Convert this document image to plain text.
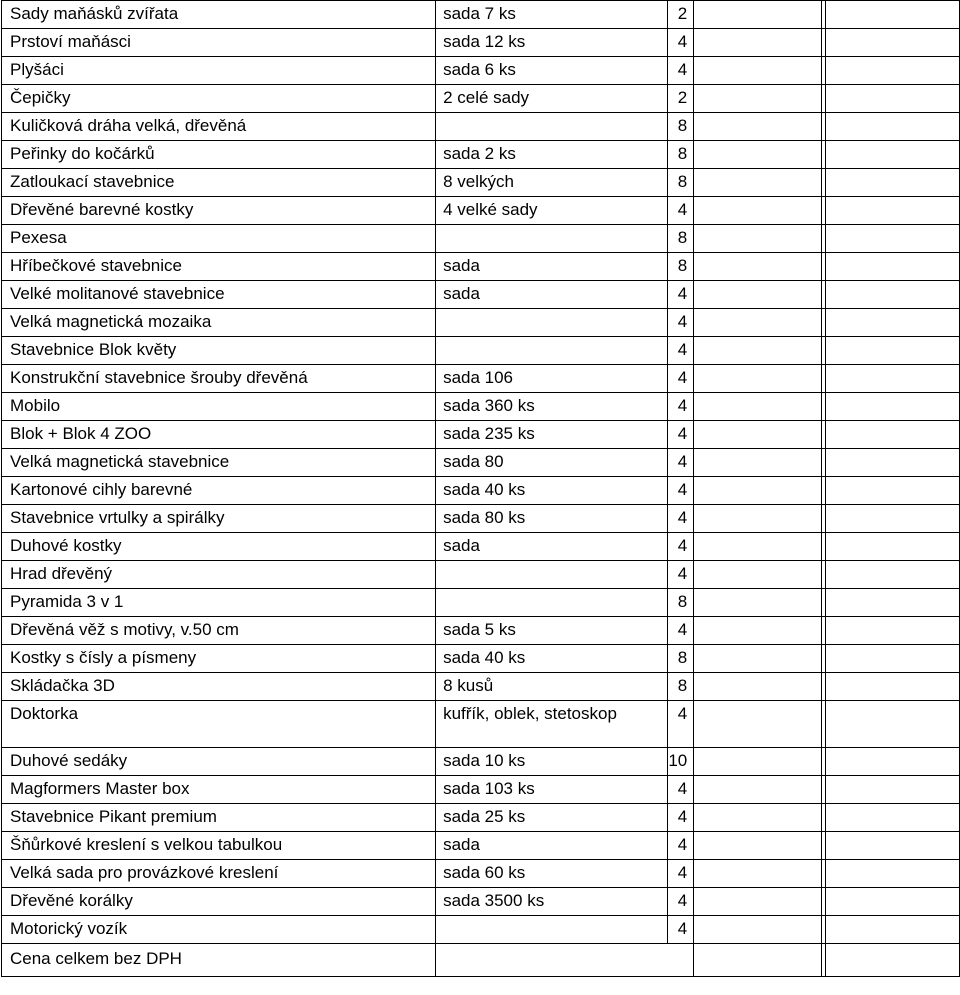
Sady maňásků zvířata	sada 7 ks	2			
Prstoví maňásci	sada 12 ks	4			
Plyšáci	sada 6 ks	4			
Čepičky	2 celé sady	2			
Kuličková dráha velká, dřevěná		8			
Peřinky do kočárků	sada 2 ks	8			
Zatloukací stavebnice	8 velkých	8			
Dřevěné barevné kostky	4 velké sady	4			
Pexesa		8			
Hříbečkové stavebnice	sada	8			
Velké molitanové stavebnice	sada	4			
Velká magnetická mozaika		4			
Stavebnice Blok květy		4			
Konstrukční stavebnice šrouby dřevěná	sada 106	4			
Mobilo	sada 360 ks	4			
Blok + Blok 4 ZOO	sada 235 ks	4			
Velká magnetická stavebnice	sada 80	4			
Kartonové cihly barevné	sada 40 ks	4			
Stavebnice vrtulky a spirálky	sada 80 ks	4			
Duhové kostky	sada	4			
Hrad dřevěný		4			
Pyramida 3 v 1		8			
Dřevěná věž s motivy, v.50 cm	sada 5 ks	4			
Kostky s čísly a písmeny	sada 40 ks	8			
Skládačka 3D	8 kusů	8			
Doktorka	kufřík, oblek, stetoskop	4			
Duhové sedáky	sada 10 ks	10			
Magformers Master box	sada 103 ks	4			
Stavebnice Pikant premium	sada 25 ks	4			
Šňůrkové kreslení s velkou tabulkou	sada	4			
Velká sada pro provázkové kreslení	sada 60 ks	4			
Dřevěné korálky	sada 3500 ks	4			
Motorický vozík		4			
Cena celkem bez DPH					
